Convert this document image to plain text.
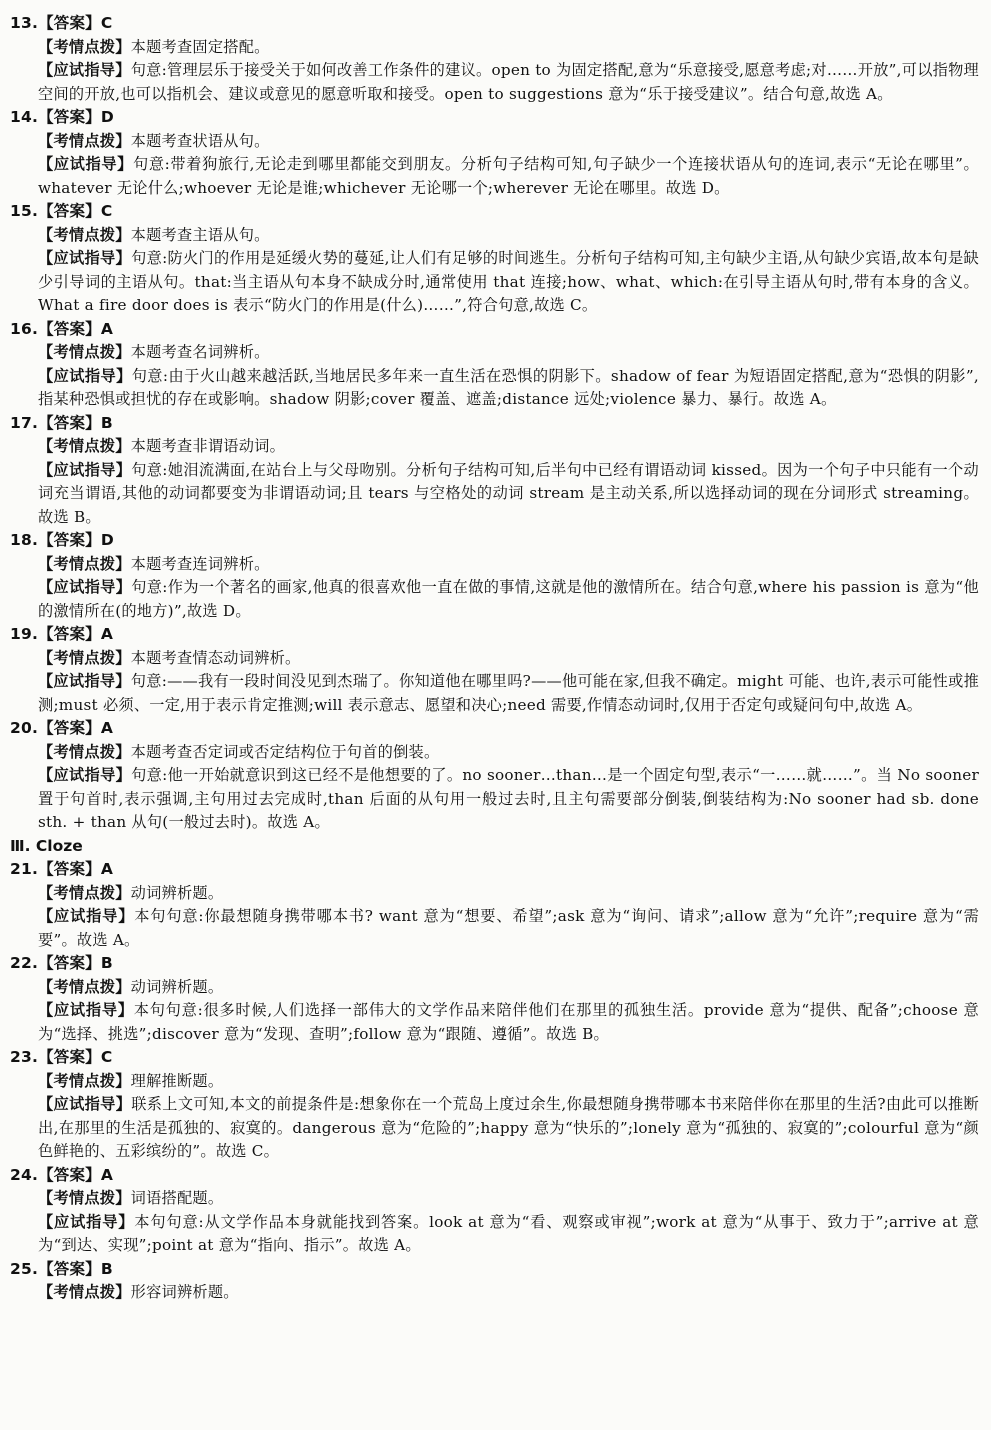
13.【答案】C
【考情点拨】本题考查固定搭配。
【应试指导】句意:管理层乐于接受关于如何改善工作条件的建议。open to 为固定搭配,意为“乐意接受,愿意考虑;对……开放”,可以指物理空间的开放,也可以指机会、建议或意见的愿意听取和接受。open to suggestions 意为“乐于接受建议”。结合句意,故选 A。
14.【答案】D
【考情点拨】本题考查状语从句。
【应试指导】句意:带着狗旅行,无论走到哪里都能交到朋友。分析句子结构可知,句子缺少一个连接状语从句的连词,表示“无论在哪里”。whatever 无论什么;whoever 无论是谁;whichever 无论哪一个;wherever 无论在哪里。故选 D。
15.【答案】C
【考情点拨】本题考查主语从句。
【应试指导】句意:防火门的作用是延缓火势的蔓延,让人们有足够的时间逃生。分析句子结构可知,主句缺少主语,从句缺少宾语,故本句是缺少引导词的主语从句。that:当主语从句本身不缺成分时,通常使用 that 连接;how、what、which:在引导主语从句时,带有本身的含义。What a fire door does is 表示“防火门的作用是(什么)……”,符合句意,故选 C。
16.【答案】A
【考情点拨】本题考查名词辨析。
【应试指导】句意:由于火山越来越活跃,当地居民多年来一直生活在恐惧的阴影下。shadow of fear 为短语固定搭配,意为“恐惧的阴影”,指某种恐惧或担忧的存在或影响。shadow 阴影;cover 覆盖、遮盖;distance 远处;violence 暴力、暴行。故选 A。
17.【答案】B
【考情点拨】本题考查非谓语动词。
【应试指导】句意:她泪流满面,在站台上与父母吻别。分析句子结构可知,后半句中已经有谓语动词 kissed。因为一个句子中只能有一个动词充当谓语,其他的动词都要变为非谓语动词;且 tears 与空格处的动词 stream 是主动关系,所以选择动词的现在分词形式 streaming。故选 B。
18.【答案】D
【考情点拨】本题考查连词辨析。
【应试指导】句意:作为一个著名的画家,他真的很喜欢他一直在做的事情,这就是他的激情所在。结合句意,where his passion is 意为“他的激情所在(的地方)”,故选 D。
19.【答案】A
【考情点拨】本题考查情态动词辨析。
【应试指导】句意:——我有一段时间没见到杰瑞了。你知道他在哪里吗?——他可能在家,但我不确定。might 可能、也许,表示可能性或推测;must 必须、一定,用于表示肯定推测;will 表示意志、愿望和决心;need 需要,作情态动词时,仅用于否定句或疑问句中,故选 A。
20.【答案】A
【考情点拨】本题考查否定词或否定结构位于句首的倒装。
【应试指导】句意:他一开始就意识到这已经不是他想要的了。no sooner…than…是一个固定句型,表示“一……就……”。当 No sooner 置于句首时,表示强调,主句用过去完成时,than 后面的从句用一般过去时,且主句需要部分倒装,倒装结构为:No sooner had sb. done sth. + than 从句(一般过去时)。故选 A。
Ⅲ. Cloze
21.【答案】A
【考情点拨】动词辨析题。
【应试指导】本句句意:你最想随身携带哪本书? want 意为“想要、希望”;ask 意为“询问、请求”;allow 意为“允许”;require 意为“需要”。故选 A。
22.【答案】B
【考情点拨】动词辨析题。
【应试指导】本句句意:很多时候,人们选择一部伟大的文学作品来陪伴他们在那里的孤独生活。provide 意为“提供、配备”;choose 意为“选择、挑选”;discover 意为“发现、查明”;follow 意为“跟随、遵循”。故选 B。
23.【答案】C
【考情点拨】理解推断题。
【应试指导】联系上文可知,本文的前提条件是:想象你在一个荒岛上度过余生,你最想随身携带哪本书来陪伴你在那里的生活?由此可以推断出,在那里的生活是孤独的、寂寞的。dangerous 意为“危险的”;happy 意为“快乐的”;lonely 意为“孤独的、寂寞的”;colourful 意为“颜色鲜艳的、五彩缤纷的”。故选 C。
24.【答案】A
【考情点拨】词语搭配题。
【应试指导】本句句意:从文学作品本身就能找到答案。look at 意为“看、观察或审视”;work at 意为“从事于、致力于”;arrive at 意为“到达、实现”;point at 意为“指向、指示”。故选 A。
25.【答案】B
【考情点拨】形容词辨析题。
